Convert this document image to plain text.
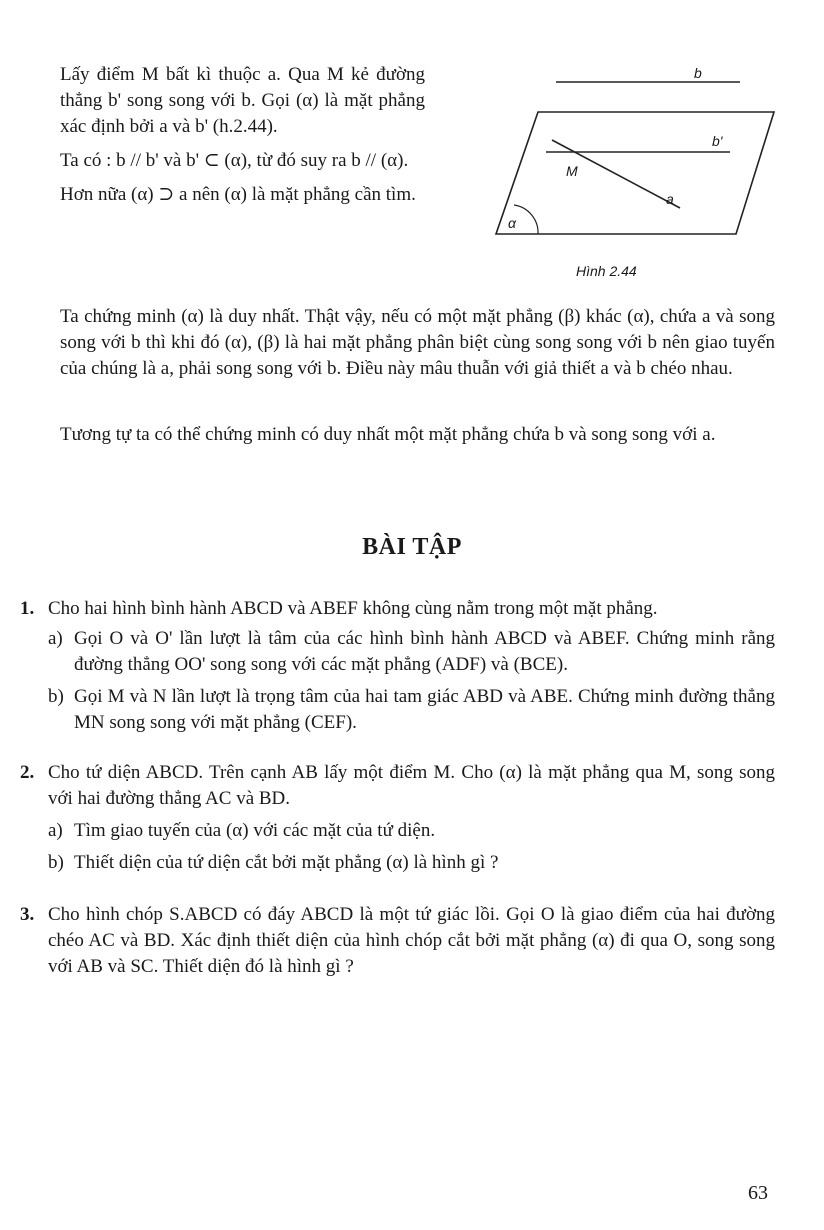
Lấy điểm M bất kì thuộc a. Qua M kẻ đường thẳng b' song song với b. Gọi (α) là mặt phẳng xác định bởi a và b' (h.2.44).

Ta có : b // b' và b' ⊂ (α), từ đó suy ra b // (α).

Hơn nữa (α) ⊃ a nên (α) là mặt phẳng cần tìm.

b
b'
M
a
α
Hình 2.44
Ta chứng minh (α) là duy nhất. Thật vậy, nếu có một mặt phẳng (β) khác (α), chứa a và song song với b thì khi đó (α), (β) là hai mặt phẳng phân biệt cùng song song với b nên giao tuyến của chúng là a, phải song song với b. Điều này mâu thuẫn với giả thiết a và b chéo nhau.
Tương tự ta có thể chứng minh có duy nhất một mặt phẳng chứa b và song song với a.
BÀI TẬP
1. Cho hai hình bình hành ABCD và ABEF không cùng nằm trong một mặt phẳng.
a) Gọi O và O' lần lượt là tâm của các hình bình hành ABCD và ABEF. Chứng minh rằng đường thẳng OO' song song với các mặt phẳng (ADF) và (BCE).
b) Gọi M và N lần lượt là trọng tâm của hai tam giác ABD và ABE. Chứng minh đường thẳng MN song song với mặt phẳng (CEF).
2. Cho tứ diện ABCD. Trên cạnh AB lấy một điểm M. Cho (α) là mặt phẳng qua M, song song với hai đường thẳng AC và BD.
a) Tìm giao tuyến của (α) với các mặt của tứ diện.
b) Thiết diện của tứ diện cắt bởi mặt phẳng (α) là hình gì ?
3. Cho hình chóp S.ABCD có đáy ABCD là một tứ giác lồi. Gọi O là giao điểm của hai đường chéo AC và BD. Xác định thiết diện của hình chóp cắt bởi mặt phẳng (α) đi qua O, song song với AB và SC. Thiết diện đó là hình gì ?
63
